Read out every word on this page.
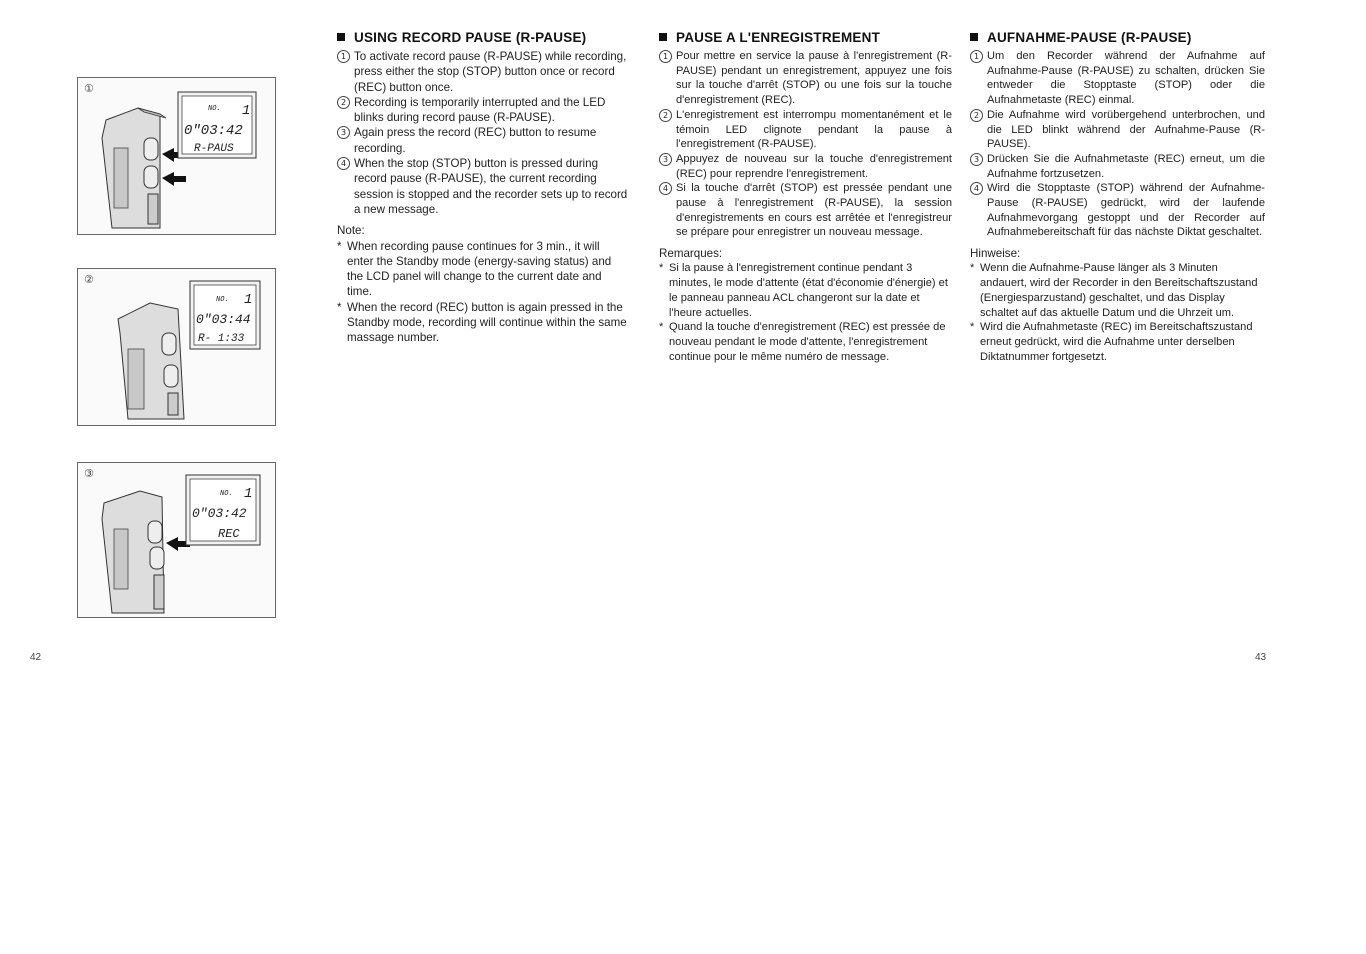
①
NO. 1
0"03:42
R-PAUS
②
NO. 1
0"03:44
R- 1:33
③
NO. 1
0"03:42
REC
USING RECORD PAUSE (R-PAUSE)

1 To activate record pause (R-PAUSE) while recording, press either the stop (STOP) button once or record (REC) button once.

2 Recording is temporarily interrupted and the LED blinks during record pause (R-PAUSE).

3 Again press the record (REC) button to resume recording.

4 When the stop (STOP) button is pressed during record pause (R-PAUSE), the current recording session is stopped and the recorder sets up to record a new message.

Note:

* When recording pause continues for 3 min., it will enter the Standby mode (energy-saving status) and the LCD panel will change to the current date and time.

* When the record (REC) button is again pressed in the Standby mode, recording will continue within the same massage number.

PAUSE A L'ENREGISTREMENT

1 Pour mettre en service la pause à l'enregistrement (R-PAUSE) pendant un enregistrement, appuyez une fois sur la touche d'arrêt (STOP) ou une fois sur la touche d'enregistrement (REC).

2 L'enregistrement est interrompu momentanément et le témoin LED clignote pendant la pause à l'enregistrement (R-PAUSE).

3 Appuyez de nouveau sur la touche d'enregistrement (REC) pour reprendre l'enregistrement.

4 Si la touche d'arrêt (STOP) est pressée pendant une pause à l'enregistrement (R-PAUSE), la session d'enregistrements en cours est arrêtée et l'enregistreur se prépare pour enregistrer un nouveau message.

Remarques:

* Si la pause à l'enregistrement continue pendant 3 minutes, le mode d'attente (état d'économie d'énergie) et le panneau panneau ACL changeront sur la date et l'heure actuelles.

* Quand la touche d'enregistrement (REC) est pressée de nouveau pendant le mode d'attente, l'enregistrement continue pour le même numéro de message.

AUFNAHME-PAUSE (R-PAUSE)

1 Um den Recorder während der Aufnahme auf Aufnahme-Pause (R-PAUSE) zu schalten, drücken Sie entweder die Stopptaste (STOP) oder die Aufnahmetaste (REC) einmal.

2 Die Aufnahme wird vorübergehend unterbrochen, und die LED blinkt während der Aufnahme-Pause (R-PAUSE).

3 Drücken Sie die Aufnahmetaste (REC) erneut, um die Aufnahme fortzusetzen.

4 Wird die Stopptaste (STOP) während der Aufnahme-Pause (R-PAUSE) gedrückt, wird der laufende Aufnahmevorgang gestoppt und der Recorder auf Aufnahmebereitschaft für das nächste Diktat geschaltet.

Hinweise:

* Wenn die Aufnahme-Pause länger als 3 Minuten andauert, wird der Recorder in den Bereitschaftszustand (Energiesparzustand) geschaltet, und das Display schaltet auf das aktuelle Datum und die Uhrzeit um.

* Wird die Aufnahmetaste (REC) im Bereitschaftszustand erneut gedrückt, wird die Aufnahme unter derselben Diktatnummer fortgesetzt.

42	43
